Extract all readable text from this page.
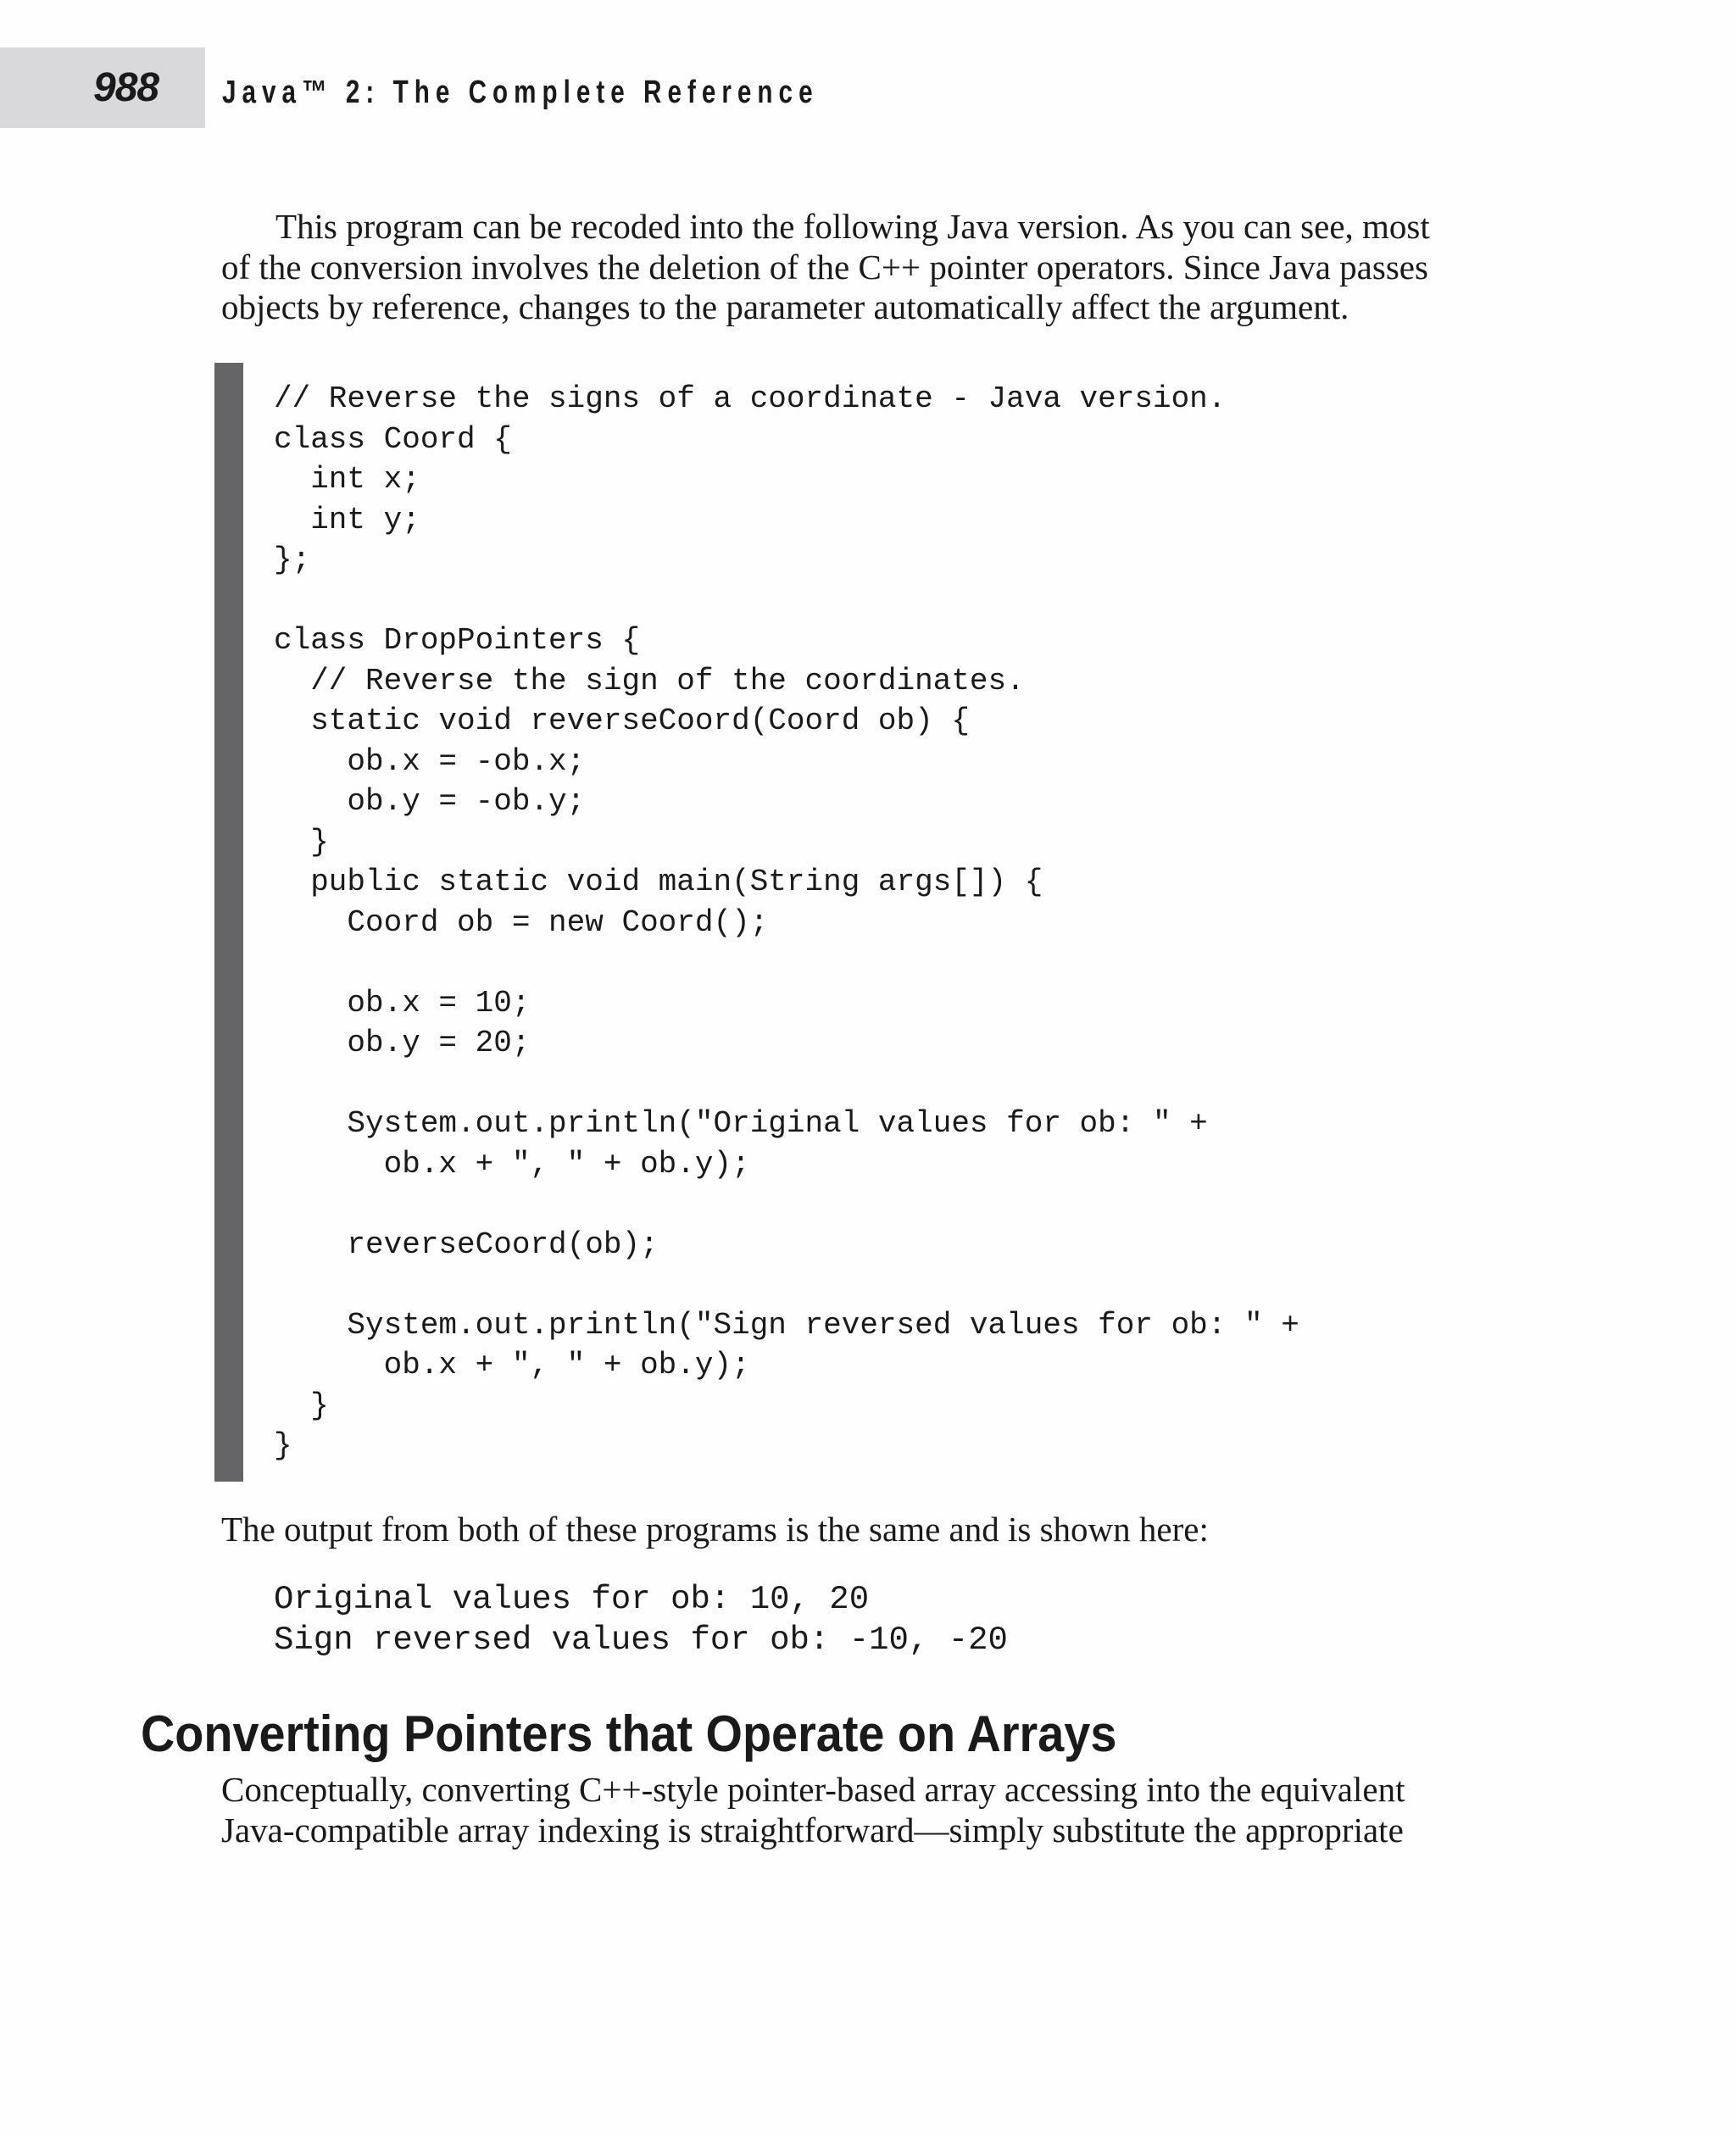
988 Java™ 2: The Complete Reference

This program can be recoded into the following Java version. As you can see, most
of the conversion involves the deletion of the C++ pointer operators. Since Java passes
objects by reference, changes to the parameter automatically affect the argument.

// Reverse the signs of a coordinate - Java version.
class Coord {
int x;
int y;
};
class DropPointers {
// Reverse the sign of the coordinates.
static void reverseCoord(Coord ob) {
ob.x = -ob.x;
ob.y = -ob.y;
}
public static void main(String args[]) {
Coord ob = new Coord();
ob.x = 10;
ob.y = 20;
System.out.println("Original values for ob: " +
ob.x + ", " + ob.y);
reverseCoord(ob);
System.out.println("Sign reversed values for ob: " +
ob.x + ", " + ob.y);
}
}

The output from both of these programs is the same and is shown here:

Original values for ob: 10, 20
Sign reversed values for ob: -10, -20
Converting Pointers that Operate on Arrays

Conceptually, converting C++-style pointer-based array accessing into the equivalent
Java-compatible array indexing is straightforward—simply substitute the appropriate
